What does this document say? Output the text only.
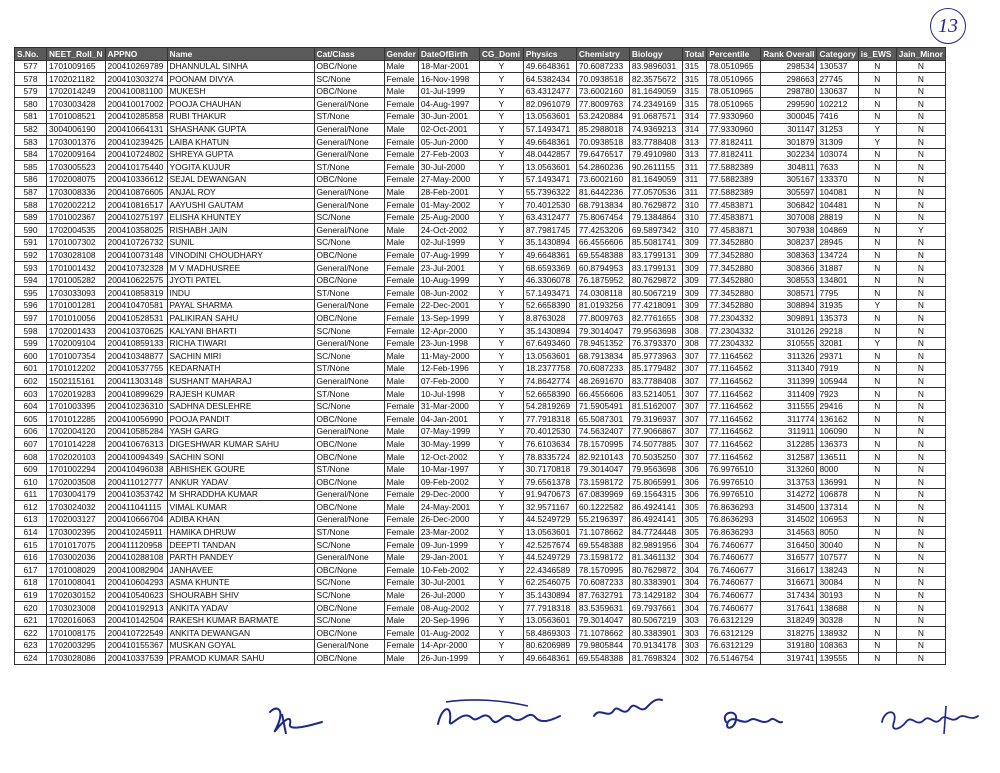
13
S.No.	NEET_Roll_N	APPNO	Name	Cat/Class	Gender	DateOfBirth	CG_Domi	Physics	Chemistry	Biology	Total	Percentile	Rank Overall	Category	is_EWS	Jain_Minor
577	1701009165	200410269789	DHANNULAL SINHA	OBC/None	Male	18-Mar-2001	Y	49.6648361	70.6087233	83.9896031	315	78.0510965	298534	130537	N	N
578	1702021182	200410303274	POONAM DIVYA	SC/None	Female	16-Nov-1998	Y	64.5382434	70.0938518	82.3575672	315	78.0510965	298663	27745	N	N
579	1702014249	200410081100	MUKESH	OBC/None	Male	01-Jul-1999	Y	63.4312477	73.6002160	81.1649059	315	78.0510965	298780	130637	N	N
580	1703003428	200410017002	POOJA CHAUHAN	General/None	Female	04-Aug-1997	Y	82.0961079	77.8009763	74.2349169	315	78.0510965	299590	102212	N	N
581	1701008521	200410285858	RUBI THAKUR	ST/None	Female	30-Jun-2001	Y	13.0563601	53.2420884	91.0687571	314	77.9330960	300045	7416	N	N
582	3004006190	200410664131	SHASHANK GUPTA	General/None	Male	02-Oct-2001	Y	57.1493471	85.2988018	74.9369213	314	77.9330960	301147	31253	Y	N
583	1703001376	200410239425	LAIBA KHATUN	General/None	Female	05-Jun-2000	Y	49.6648361	70.0938518	83.7788408	313	77.8182411	301879	31309	Y	N
584	1702009164	200410724802	SHREYA GUPTA	General/None	Female	27-Feb-2003	Y	48.0442857	79.6476517	79.4910980	313	77.8182411	302234	103074	N	N
585	1703005523	200410175440	YOGITA KUJUR	ST/None	Female	30-Jul-2000	Y	13.0563601	54.2860236	90.2611155	311	77.5882389	304811	7633	N	N
586	1702008075	200410336612	SEJAL DEWANGAN	OBC/None	Female	27-May-2000	Y	57.1493471	73.6002160	81.1649059	311	77.5882389	305167	133370	N	N
587	1703008336	200410876605	ANJAL ROY	General/None	Male	28-Feb-2001	Y	55.7396322	81.6442236	77.0570536	311	77.5882389	305597	104081	N	N
588	1702002212	200410816517	AAYUSHI GAUTAM	General/None	Female	01-May-2002	Y	70.4012530	68.7913834	80.7629872	310	77.4583871	306842	104481	N	N
589	1701002367	200410275197	ELISHA KHUNTEY	SC/None	Female	25-Aug-2000	Y	63.4312477	75.8067454	79.1384864	310	77.4583871	307008	28819	N	N
590	1702004535	200410358025	RISHABH JAIN	General/None	Male	24-Oct-2002	Y	87.7981745	77.4253206	69.5897342	310	77.4583871	307938	104869	N	Y
591	1701007302	200410726732	SUNIL	SC/None	Male	02-Jul-1999	Y	35.1430894	66.4556606	85.5081741	309	77.3452880	308237	28945	N	N
592	1703028108	200410073148	VINODINI CHOUDHARY	OBC/None	Female	07-Aug-1999	Y	49.6648361	69.5548388	83.1799131	309	77.3452880	308363	134724	N	N
593	1701001432	200410732328	M V MADHUSREE	General/None	Female	23-Jul-2001	Y	68.6593369	60.8794953	83.1799131	309	77.3452880	308366	31887	N	N
594	1701005282	200410622575	JYOTI PATEL	OBC/None	Female	10-Aug-1999	Y	46.3306078	76.1875952	80.7629872	309	77.3452880	308553	134801	N	N
595	1703033093	200410858319	INDU	ST/None	Female	08-Jun-2002	Y	57.1493471	74.0308118	80.5067219	309	77.3452880	308571	7795	N	N
596	1701001281	200410470581	PAYAL SHARMA	General/None	Female	22-Dec-2001	Y	52.6658390	81.0193256	77.4218091	309	77.3452880	308894	31935	Y	N
597	1701010056	200410528531	PALIKIRAN SAHU	OBC/None	Female	13-Sep-1999	Y	8.8763028	77.8009763	82.7761655	308	77.2304332	309891	135373	N	N
598	1702001433	200410370625	KALYANI BHARTI	SC/None	Female	12-Apr-2000	Y	35.1430894	79.3014047	79.9563698	308	77.2304332	310126	29218	N	N
599	1702009104	200410859133	RICHA TIWARI	General/None	Female	23-Jun-1998	Y	67.6493460	78.9451352	76.3793370	308	77.2304332	310555	32081	Y	N
600	1701007354	200410348877	SACHIN MIRI	SC/None	Male	11-May-2000	Y	13.0563601	68.7913834	85.9773963	307	77.1164562	311326	29371	N	N
601	1701012202	200410537755	KEDARNATH	ST/None	Male	12-Feb-1996	Y	18.2377758	70.6087233	85.1779482	307	77.1164562	311340	7919	N	N
602	1502115161	200411303148	SUSHANT MAHARAJ	General/None	Male	07-Feb-2000	Y	74.8642774	48.2691670	83.7788408	307	77.1164562	311399	105944	N	N
603	1702019283	200410899629	RAJESH KUMAR	ST/None	Male	10-Jul-1998	Y	52.6658390	66.4556606	83.5214051	307	77.1164562	311409	7923	N	N
604	1701003395	200410236310	SADHNA DESLEHRE	SC/None	Female	31-Mar-2000	Y	54.2819269	71.5905491	81.5162007	307	77.1164562	311555	29416	N	N
605	1701012285	200410056990	POOJA PANDIT	OBC/None	Female	04-Jan-2001	Y	77.7918318	65.5087301	79.3196937	307	77.1164562	311774	136162	N	N
606	1702004120	200410585284	YASH GARG	General/None	Male	07-May-1999	Y	70.4012530	74.5632407	77.9066867	307	77.1164562	311911	106090	N	N
607	1701014228	200410676313	DIGESHWAR KUMAR SAHU	OBC/None	Male	30-May-1999	Y	76.6103634	78.1570995	74.5077885	307	77.1164562	312285	136373	N	N
608	1702020103	200410094349	SACHIN SONI	OBC/None	Male	12-Oct-2002	Y	78.8335724	82.9210143	70.5035250	307	77.1164562	312587	136511	N	N
609	1701002294	200410496038	ABHISHEK GOURE	ST/None	Male	10-Mar-1997	Y	30.7170818	79.3014047	79.9563698	306	76.9976510	313260	8000	N	N
610	1702003508	200411012777	ANKUR YADAV	OBC/None	Male	09-Feb-2002	Y	79.6561378	73.1598172	75.8065991	306	76.9976510	313753	136991	N	N
611	1703004179	200410353742	M SHRADDHA KUMAR	General/None	Female	29-Dec-2000	Y	91.9470673	67.0839969	69.1564315	306	76.9976510	314272	106878	N	N
612	1703024032	200411041115	VIMAL KUMAR	OBC/None	Male	24-May-2001	Y	32.9571167	60.1222582	86.4924141	305	76.8636293	314500	137314	N	N
613	1702003127	200410666704	ADIBA KHAN	General/None	Female	26-Dec-2000	Y	44.5249729	55.2196397	86.4924141	305	76.8636293	314502	106953	N	N
614	1703002395	200410245911	HAMIKA DHRUW	ST/None	Female	23-Mar-2002	Y	13.0563601	71.1078662	84.7724448	305	76.8636293	314563	8050	N	N
615	1701017075	200411120958	DEEPTI TANDAN	SC/None	Female	09-Jun-1999	Y	42.5257674	69.5548388	82.9891956	304	76.7460677	316450	30040	N	N
616	1703002036	200410288108	PARTH PANDEY	General/None	Male	29-Jan-2001	Y	44.5249729	73.1598172	81.3461132	304	76.7460677	316577	107577	N	N
617	1701008029	200410082904	JANHAVEE	OBC/None	Female	10-Feb-2002	Y	22.4346589	78.1570995	80.7629872	304	76.7460677	316617	138243	N	N
618	1701008041	200410604293	ASMA KHUNTE	SC/None	Female	30-Jul-2001	Y	62.2546075	70.6087233	80.3383901	304	76.7460677	316671	30084	N	N
619	1702030152	200410540623	SHOURABH SHIV	SC/None	Male	26-Jul-2000	Y	35.1430894	87.7632791	73.1429182	304	76.7460677	317434	30193	N	N
620	1703023008	200410192913	ANKITA YADAV	OBC/None	Female	08-Aug-2002	Y	77.7918318	83.5359631	69.7937661	304	76.7460677	317641	138688	N	N
621	1702016063	200410142504	RAKESH KUMAR BARMATE	SC/None	Male	20-Sep-1996	Y	13.0563601	79.3014047	80.5067219	303	76.6312129	318249	30328	N	N
622	1701008175	200410722549	ANKITA DEWANGAN	OBC/None	Female	01-Aug-2002	Y	58.4869303	71.1078662	80.3383901	303	76.6312129	318275	138932	N	N
623	1702003295	200410155367	MUSKAN GOYAL	General/None	Female	14-Apr-2000	Y	80.6206989	79.9805844	70.9134178	303	76.6312129	319180	108363	N	N
624	1703028086	200410337539	PRAMOD KUMAR SAHU	OBC/None	Male	26-Jun-1999	Y	49.6648361	69.5548388	81.7698324	302	76.5146754	319741	139555	N	N
